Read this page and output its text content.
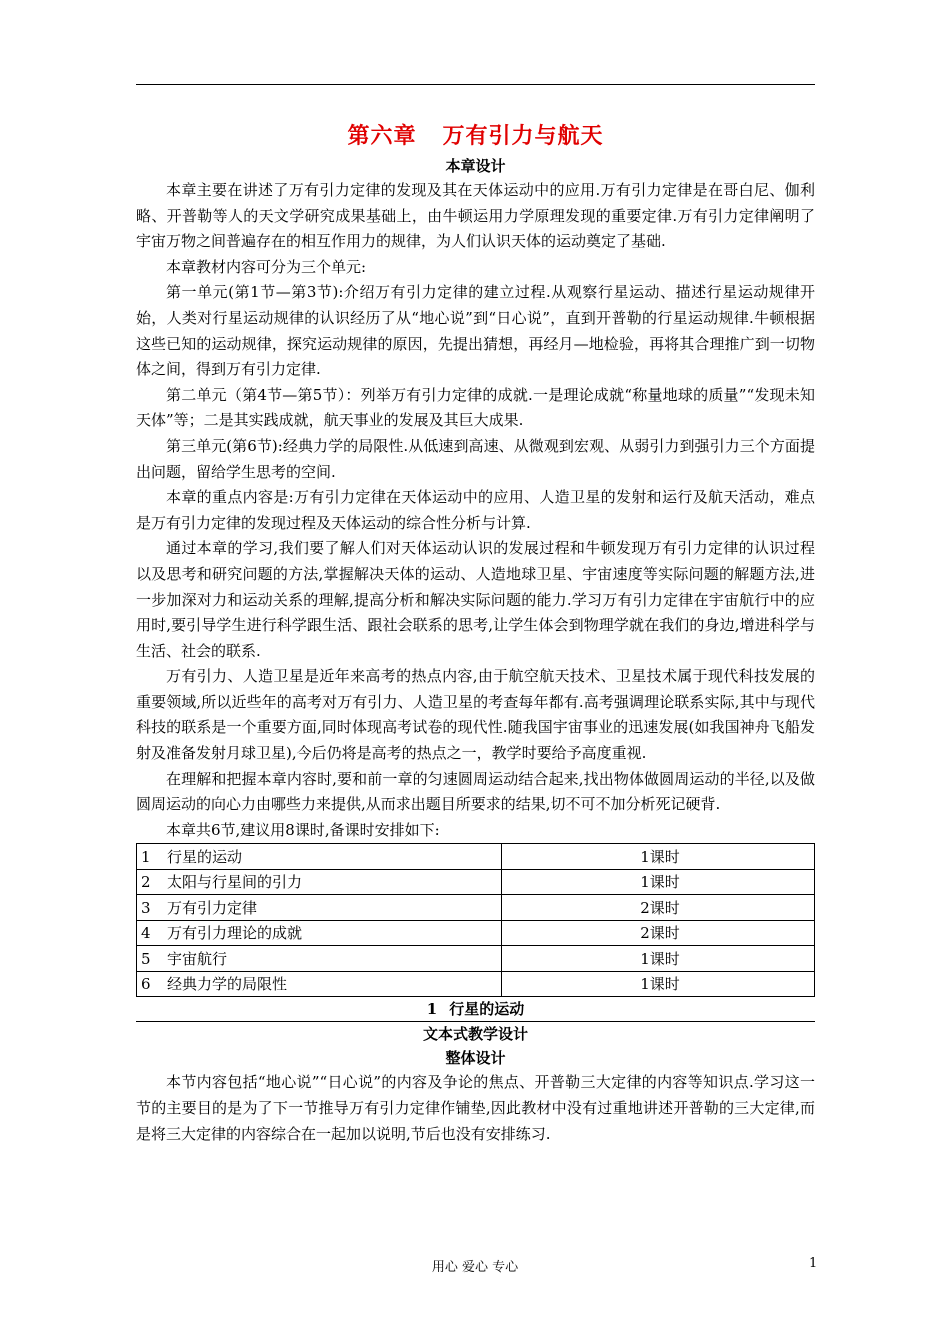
第六章 万有引力与航天
本章设计

本章主要在讲述了万有引力定律的发现及其在天体运动中的应用.万有引力定律是在哥白尼、伽利略、开普勒等人的天文学研究成果基础上，由牛顿运用力学原理发现的重要定律.万有引力定律阐明了宇宙万物之间普遍存在的相互作用力的规律，为人们认识天体的运动奠定了基础.

本章教材内容可分为三个单元:

第一单元(第1节—第3节):介绍万有引力定律的建立过程.从观察行星运动、描述行星运动规律开始，人类对行星运动规律的认识经历了从“地心说”到“日心说”，直到开普勒的行星运动规律.牛顿根据这些已知的运动规律，探究运动规律的原因，先提出猜想，再经月—地检验，再将其合理推广到一切物体之间，得到万有引力定律.

第二单元（第4节—第5节）：列举万有引力定律的成就.一是理论成就“称量地球的质量”“发现未知天体”等；二是其实践成就，航天事业的发展及其巨大成果.

第三单元(第6节):经典力学的局限性.从低速到高速、从微观到宏观、从弱引力到强引力三个方面提出问题，留给学生思考的空间.

本章的重点内容是:万有引力定律在天体运动中的应用、人造卫星的发射和运行及航天活动，难点是万有引力定律的发现过程及天体运动的综合性分析与计算.

通过本章的学习,我们要了解人们对天体运动认识的发展过程和牛顿发现万有引力定律的认识过程以及思考和研究问题的方法,掌握解决天体的运动、人造地球卫星、宇宙速度等实际问题的解题方法,进一步加深对力和运动关系的理解,提高分析和解决实际问题的能力.学习万有引力定律在宇宙航行中的应用时,要引导学生进行科学跟生活、跟社会联系的思考,让学生体会到物理学就在我们的身边,增进科学与生活、社会的联系.

万有引力、人造卫星是近年来高考的热点内容,由于航空航天技术、卫星技术属于现代科技发展的重要领域,所以近些年的高考对万有引力、人造卫星的考查每年都有.高考强调理论联系实际,其中与现代科技的联系是一个重要方面,同时体现高考试卷的现代性.随我国宇宙事业的迅速发展(如我国神舟飞船发射及准备发射月球卫星),今后仍将是高考的热点之一，教学时要给予高度重视.

在理解和把握本章内容时,要和前一章的匀速圆周运动结合起来,找出物体做圆周运动的半径,以及做圆周运动的向心力由哪些力来提供,从而求出题目所要求的结果,切不可不加分析死记硬背.

本章共6节,建议用8课时,备课时安排如下:

1 行星的运动	1课时
2 太阳与行星间的引力	1课时
3 万有引力定律	2课时
4 万有引力理论的成就	2课时
5 宇宙航行	1课时
6 经典力学的局限性	1课时
1 行星的运动
文本式教学设计
整体设计

本节内容包括“地心说”“日心说”的内容及争论的焦点、开普勒三大定律的内容等知识点.学习这一节的主要目的是为了下一节推导万有引力定律作铺垫,因此教材中没有过重地讲述开普勒的三大定律,而是将三大定律的内容综合在一起加以说明,节后也没有安排练习.

用心 爱心 专心	1
